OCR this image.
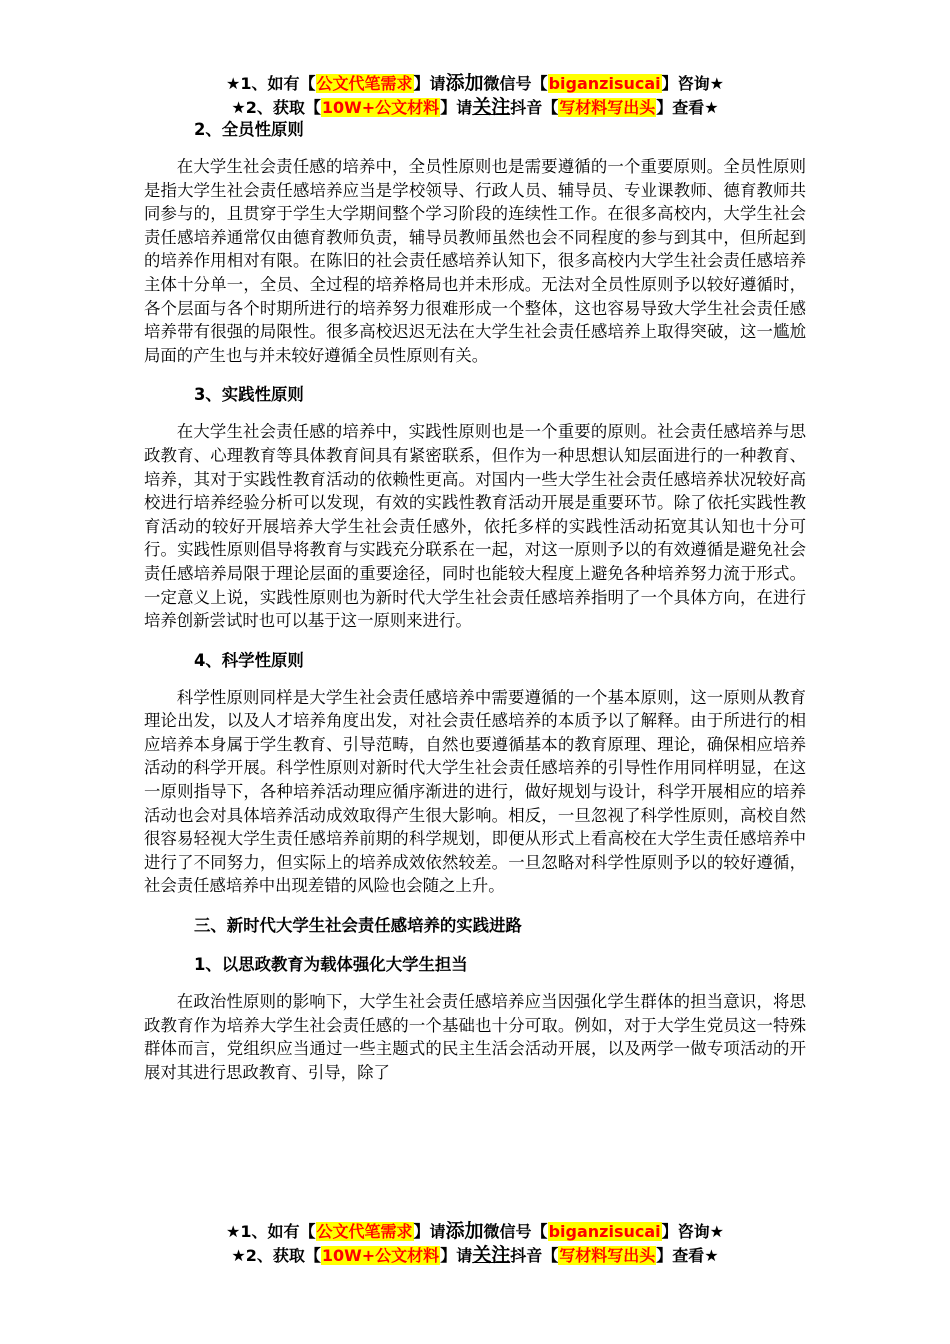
★1、如有【公文代笔需求】请添加微信号【biganzisucai】咨询★
★2、获取【10W+公文材料】请关注抖音【写材料写出头】查看★
2、全员性原则

在大学生社会责任感的培养中，全员性原则也是需要遵循的一个重要原则。全员性原则是指大学生社会责任感培养应当是学校领导、行政人员、辅导员、专业课教师、德育教师共同参与的，且贯穿于学生大学期间整个学习阶段的连续性工作。在很多高校内，大学生社会责任感培养通常仅由德育教师负责，辅导员教师虽然也会不同程度的参与到其中，但所起到的培养作用相对有限。在陈旧的社会责任感培养认知下，很多高校内大学生社会责任感培养主体十分单一，全员、全过程的培养格局也并未形成。无法对全员性原则予以较好遵循时，各个层面与各个时期所进行的培养努力很难形成一个整体，这也容易导致大学生社会责任感培养带有很强的局限性。很多高校迟迟无法在大学生社会责任感培养上取得突破，这一尴尬局面的产生也与并未较好遵循全员性原则有关。

3、实践性原则

在大学生社会责任感的培养中，实践性原则也是一个重要的原则。社会责任感培养与思政教育、心理教育等具体教育间具有紧密联系，但作为一种思想认知层面进行的一种教育、培养，其对于实践性教育活动的依赖性更高。对国内一些大学生社会责任感培养状况较好高校进行培养经验分析可以发现，有效的实践性教育活动开展是重要环节。除了依托实践性教育活动的较好开展培养大学生社会责任感外，依托多样的实践性活动拓宽其认知也十分可行。实践性原则倡导将教育与实践充分联系在一起，对这一原则予以的有效遵循是避免社会责任感培养局限于理论层面的重要途径，同时也能较大程度上避免各种培养努力流于形式。一定意义上说，实践性原则也为新时代大学生社会责任感培养指明了一个具体方向，在进行培养创新尝试时也可以基于这一原则来进行。

4、科学性原则

科学性原则同样是大学生社会责任感培养中需要遵循的一个基本原则，这一原则从教育理论出发，以及人才培养角度出发，对社会责任感培养的本质予以了解释。由于所进行的相应培养本身属于学生教育、引导范畴，自然也要遵循基本的教育原理、理论，确保相应培养活动的科学开展。科学性原则对新时代大学生社会责任感培养的引导性作用同样明显，在这一原则指导下，各种培养活动理应循序渐进的进行，做好规划与设计，科学开展相应的培养活动也会对具体培养活动成效取得产生很大影响。相反，一旦忽视了科学性原则，高校自然很容易轻视大学生责任感培养前期的科学规划，即便从形式上看高校在大学生责任感培养中进行了不同努力，但实际上的培养成效依然较差。一旦忽略对科学性原则予以的较好遵循，社会责任感培养中出现差错的风险也会随之上升。

三、新时代大学生社会责任感培养的实践进路
1、以思政教育为载体强化大学生担当

在政治性原则的影响下，大学生社会责任感培养应当因强化学生群体的担当意识，将思政教育作为培养大学生社会责任感的一个基础也十分可取。例如，对于大学生党员这一特殊群体而言，党组织应当通过一些主题式的民主生活会活动开展，以及两学一做专项活动的开展对其进行思政教育、引导，除了

★1、如有【公文代笔需求】请添加微信号【biganzisucai】咨询★
★2、获取【10W+公文材料】请关注抖音【写材料写出头】查看★
